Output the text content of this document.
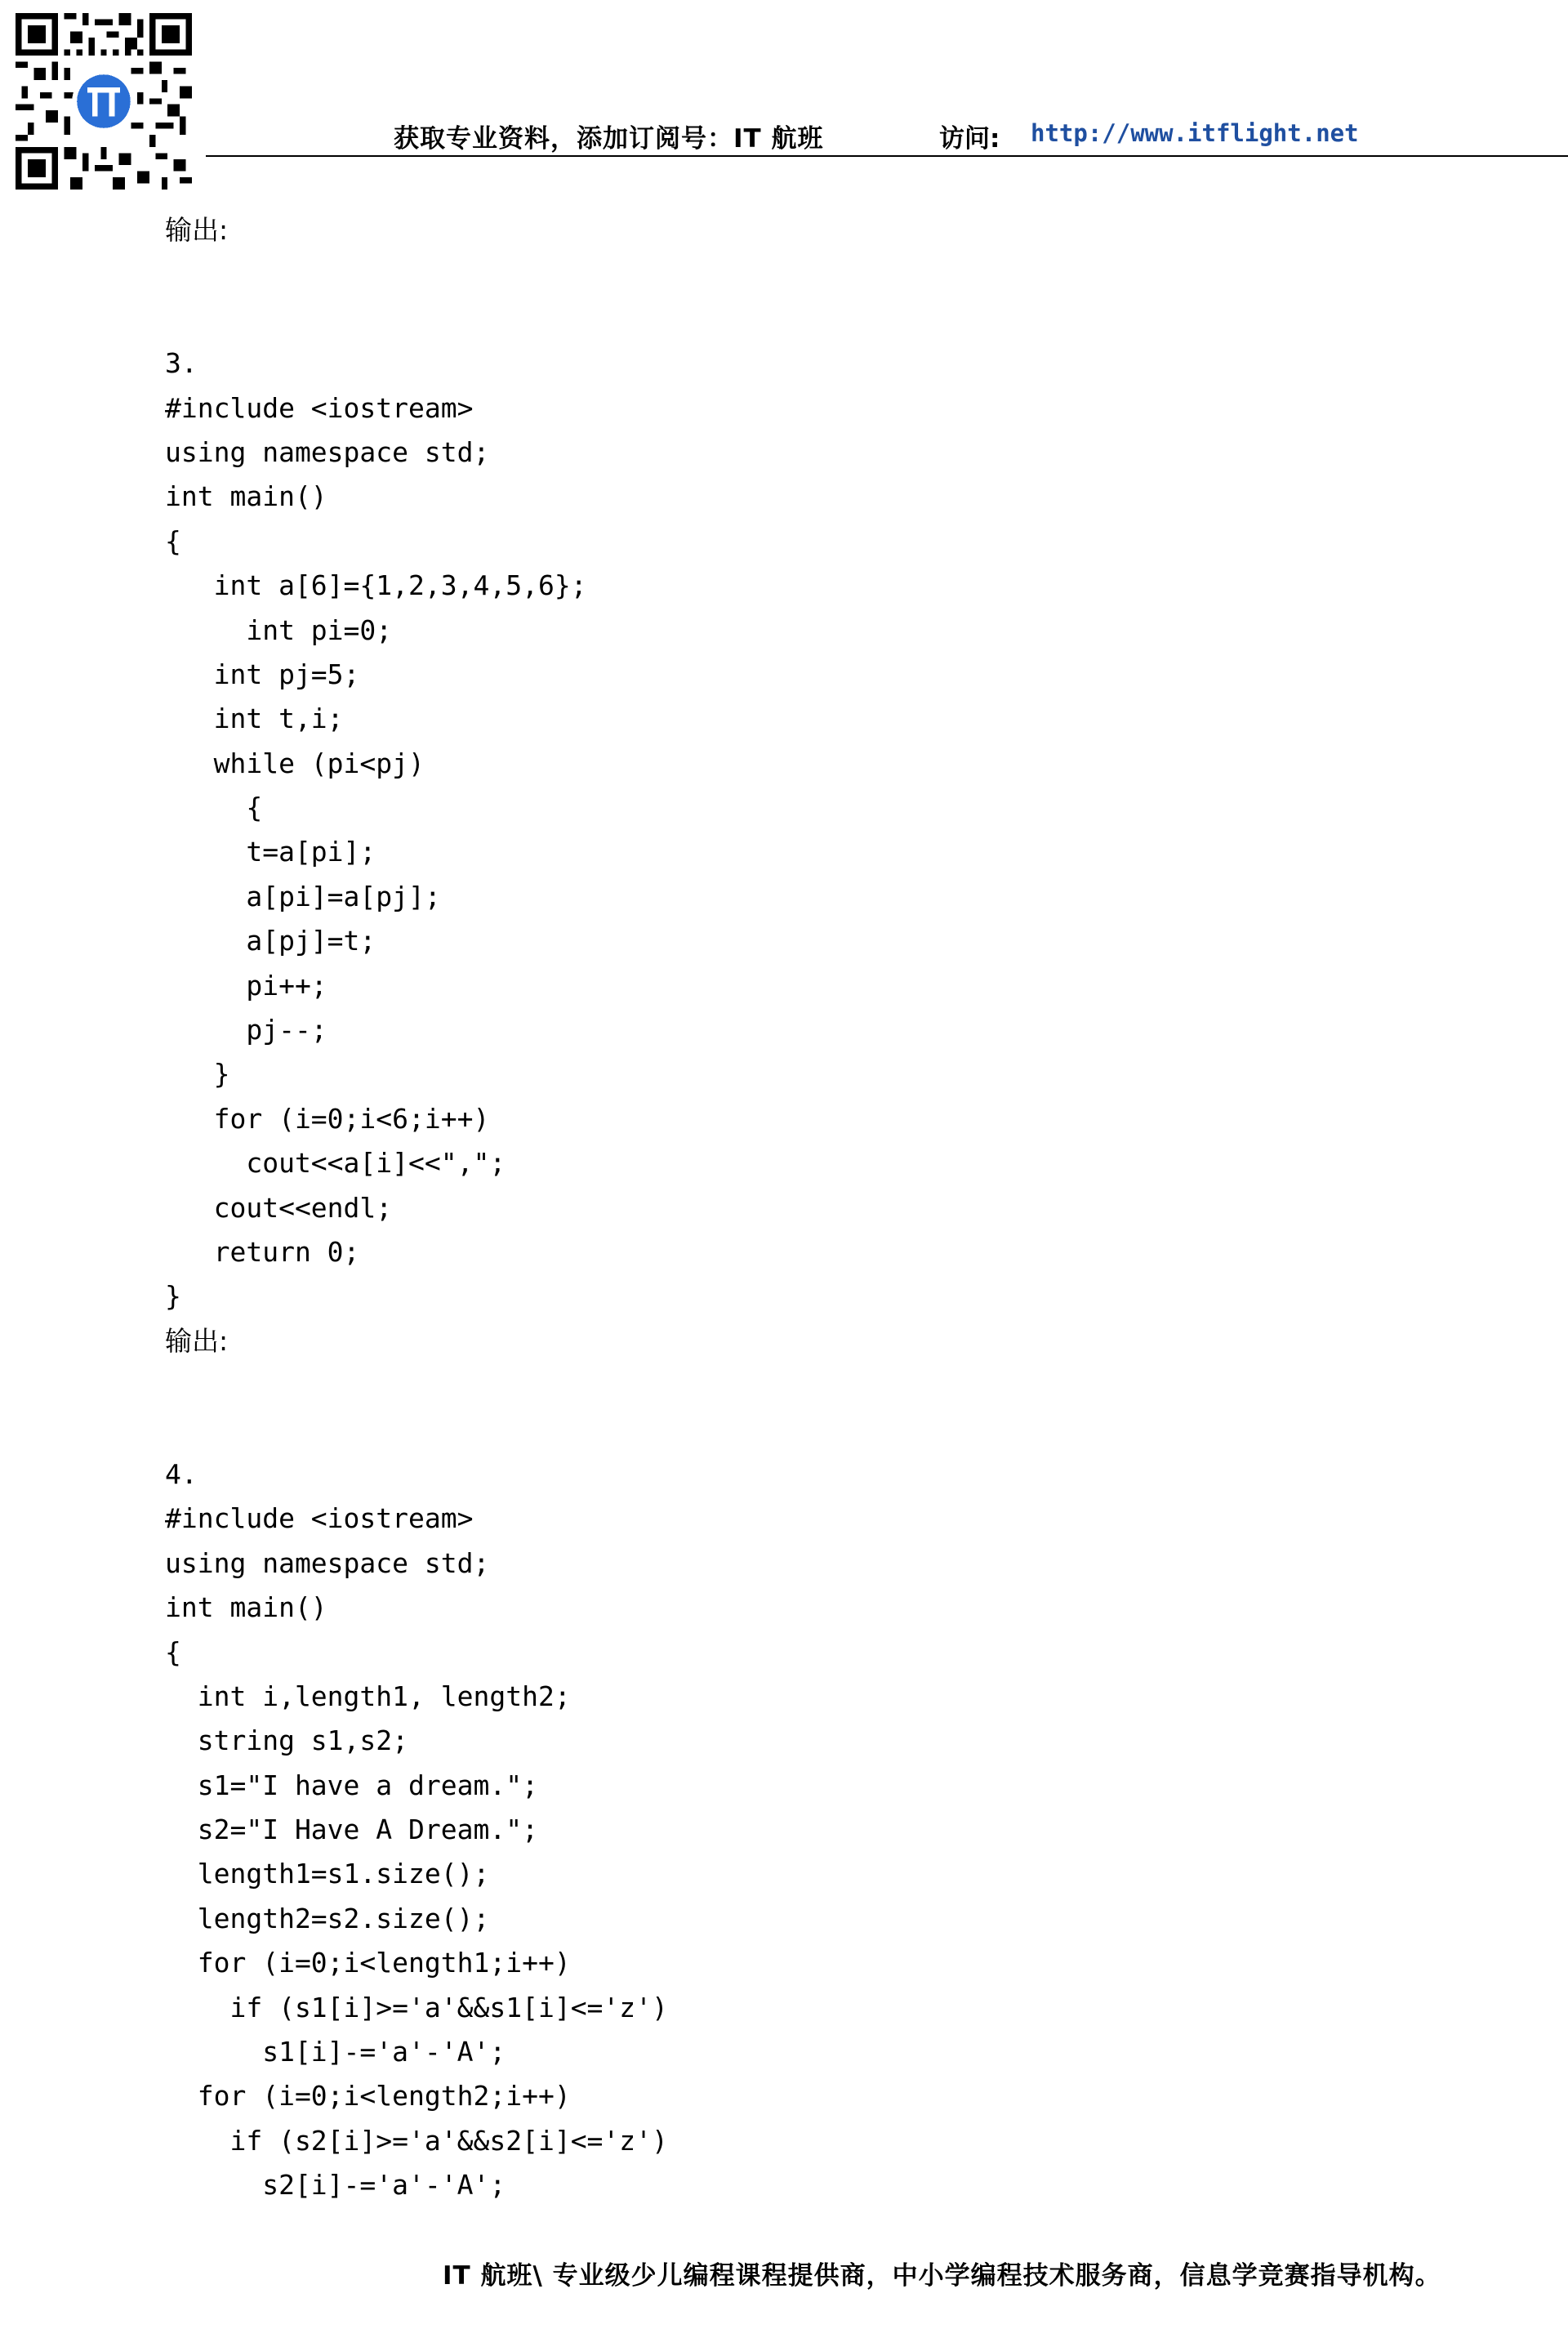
获取专业资料，添加订阅号：IT 航班	访问: http://www.itflight.net
输出:
3.
#include <iostream>
using namespace std;
int main()
{
int a[6]={1,2,3,4,5,6};
int pi=0;
int pj=5;
int t,i;
while (pi<pj)
{
t=a[pi];
a[pi]=a[pj];
a[pj]=t;
pi++;
pj--;
}
for (i=0;i<6;i++)
cout<<a[i]<<",";
cout<<endl;
return 0;
}
输出:
4.
#include <iostream>
using namespace std;
int main()
{
int i,length1, length2;
string s1,s2;
s1="I have a dream.";
s2="I Have A Dream.";
length1=s1.size();
length2=s2.size();
for (i=0;i<length1;i++)
if (s1[i]>='a'&&s1[i]<='z')
s1[i]-='a'-'A';
for (i=0;i<length2;i++)
if (s2[i]>='a'&&s2[i]<='z')
s2[i]-='a'-'A';
IT 航班\ 专业级少儿编程课程提供商，中小学编程技术服务商，信息学竞赛指导机构。
